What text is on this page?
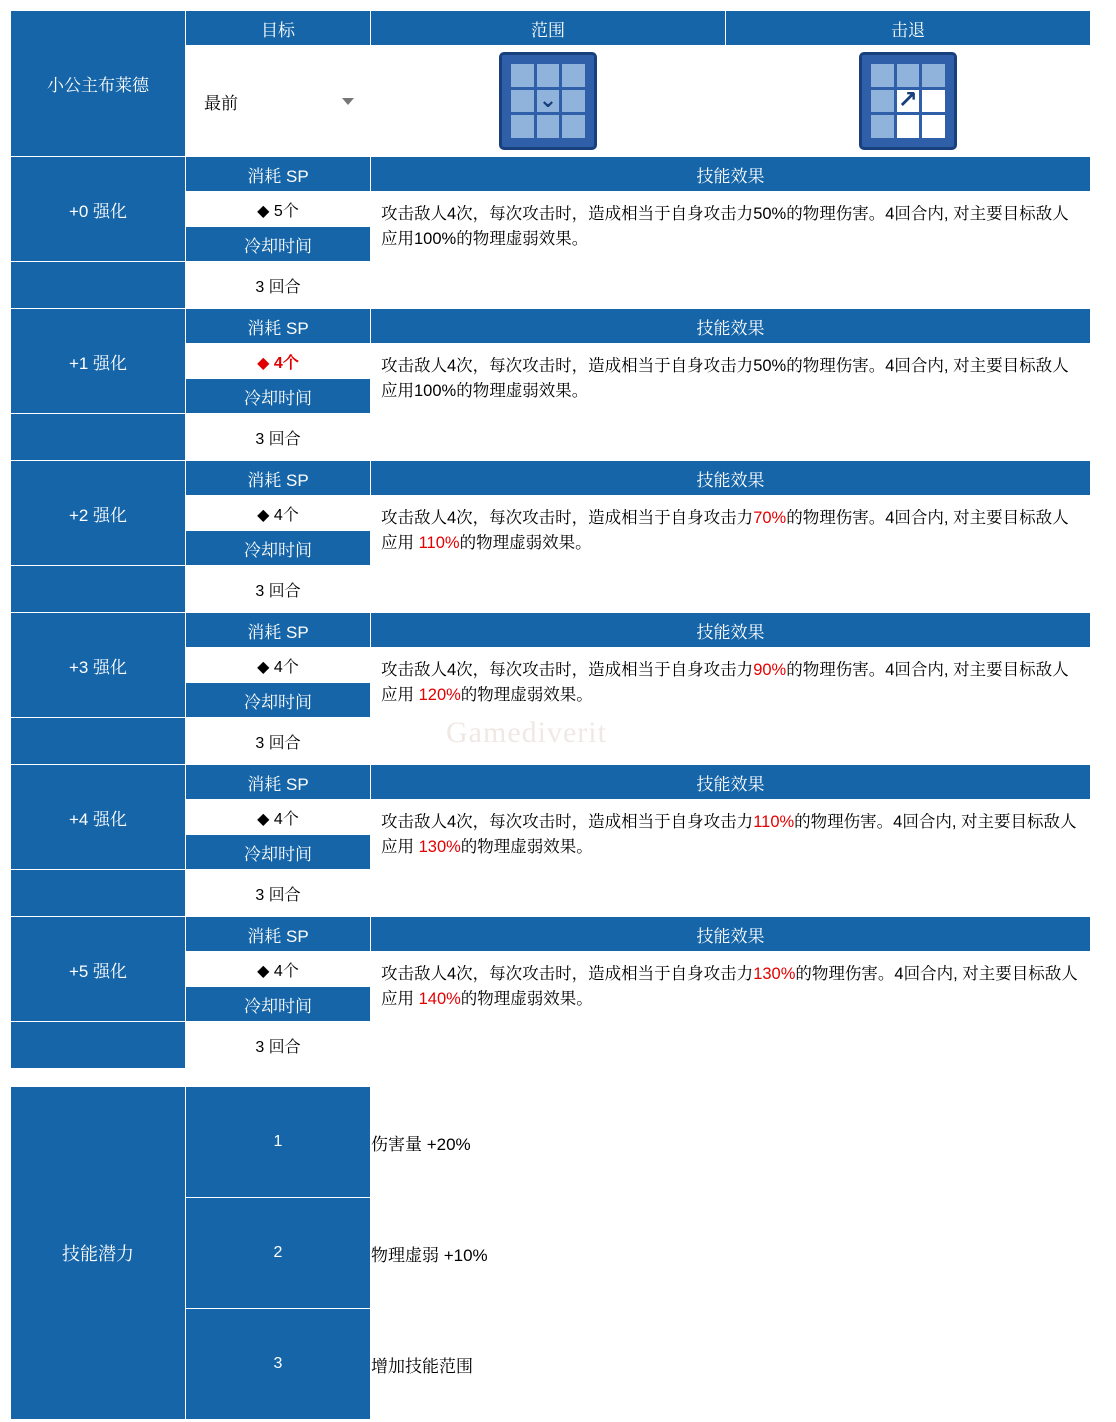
Gamediverit
小公主布莱德	目标	范围	击退

	最前	⌄	↗

+0 强化	消耗 SP	技能效果	
	◆ 5个	攻击敌人4次，每次攻击时，造成相当于自身攻击力50%的物理伤害。4回合内, 对主要目标敌人应用100%的物理虚弱效果。	
	冷却时间		
	3 回合		
+1 强化	消耗 SP	技能效果	
	◆ 4个	攻击敌人4次，每次攻击时，造成相当于自身攻击力50%的物理伤害。4回合内, 对主要目标敌人应用100%的物理虚弱效果。	
	冷却时间		
	3 回合		
+2 强化	消耗 SP	技能效果	
	◆ 4个	攻击敌人4次，每次攻击时，造成相当于自身攻击力70%的物理伤害。4回合内, 对主要目标敌人应用 110%的物理虚弱效果。	
	冷却时间		
	3 回合		
+3 强化	消耗 SP	技能效果	
	◆ 4个	攻击敌人4次，每次攻击时，造成相当于自身攻击力90%的物理伤害。4回合内, 对主要目标敌人应用 120%的物理虚弱效果。	
	冷却时间		
	3 回合		
+4 强化	消耗 SP	技能效果	
	◆ 4个	攻击敌人4次，每次攻击时，造成相当于自身攻击力110%的物理伤害。4回合内, 对主要目标敌人应用 130%的物理虚弱效果。	
	冷却时间		
	3 回合		
+5 强化	消耗 SP	技能效果	
	◆ 4个	攻击敌人4次，每次攻击时，造成相当于自身攻击力130%的物理伤害。4回合内, 对主要目标敌人应用 140%的物理虚弱效果。	
	冷却时间		
	3 回合		
技能潜力	1	伤害量 +20%
	2	物理虚弱 +10%
	3	增加技能范围
